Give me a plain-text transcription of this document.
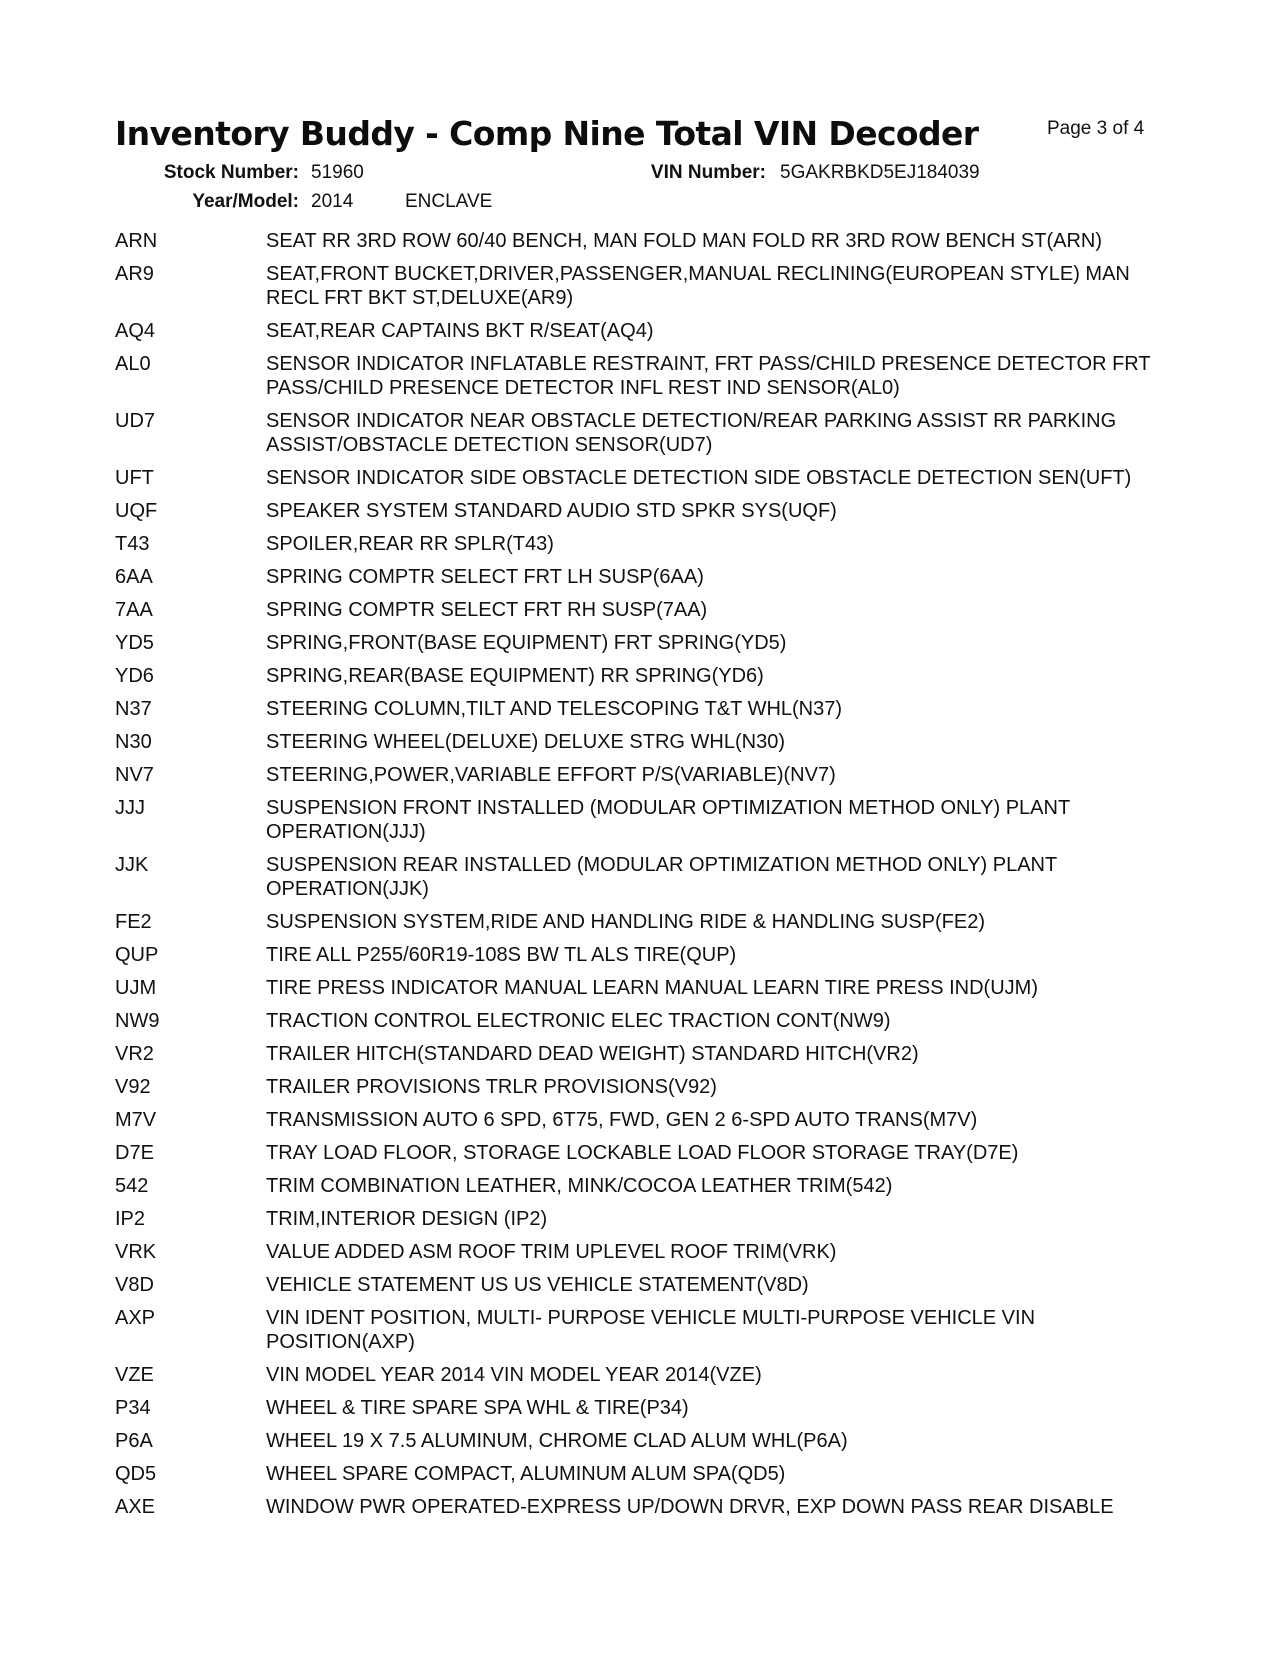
Inventory Buddy - Comp Nine Total VIN Decoder	Page 3 of 4
Stock Number: 51960	VIN Number: 5GAKRBKD5EJ184039
Year/Model: 2014	ENCLAVE
ARN	SEAT RR 3RD ROW 60/40 BENCH, MAN FOLD MAN FOLD RR 3RD ROW BENCH ST(ARN)
AR9	SEAT,FRONT BUCKET,DRIVER,PASSENGER,MANUAL RECLINING(EUROPEAN STYLE) MAN RECL FRT BKT ST,DELUXE(AR9)
AQ4	SEAT,REAR CAPTAINS BKT R/SEAT(AQ4)
AL0	SENSOR INDICATOR INFLATABLE RESTRAINT, FRT PASS/CHILD PRESENCE DETECTOR FRT PASS/CHILD PRESENCE DETECTOR INFL REST IND SENSOR(AL0)
UD7	SENSOR INDICATOR NEAR OBSTACLE DETECTION/REAR PARKING ASSIST RR PARKING ASSIST/OBSTACLE DETECTION SENSOR(UD7)
UFT	SENSOR INDICATOR SIDE OBSTACLE DETECTION SIDE OBSTACLE DETECTION SEN(UFT)
UQF	SPEAKER SYSTEM STANDARD AUDIO STD SPKR SYS(UQF)
T43	SPOILER,REAR RR SPLR(T43)
6AA	SPRING COMPTR SELECT FRT LH SUSP(6AA)
7AA	SPRING COMPTR SELECT FRT RH SUSP(7AA)
YD5	SPRING,FRONT(BASE EQUIPMENT) FRT SPRING(YD5)
YD6	SPRING,REAR(BASE EQUIPMENT) RR SPRING(YD6)
N37	STEERING COLUMN,TILT AND TELESCOPING T&T WHL(N37)
N30	STEERING WHEEL(DELUXE) DELUXE STRG WHL(N30)
NV7	STEERING,POWER,VARIABLE EFFORT P/S(VARIABLE)(NV7)
JJJ	SUSPENSION FRONT INSTALLED (MODULAR OPTIMIZATION METHOD ONLY) PLANT OPERATION(JJJ)
JJK	SUSPENSION REAR INSTALLED (MODULAR OPTIMIZATION METHOD ONLY) PLANT OPERATION(JJK)
FE2	SUSPENSION SYSTEM,RIDE AND HANDLING RIDE & HANDLING SUSP(FE2)
QUP	TIRE ALL P255/60R19-108S BW TL ALS TIRE(QUP)
UJM	TIRE PRESS INDICATOR MANUAL LEARN MANUAL LEARN TIRE PRESS IND(UJM)
NW9	TRACTION CONTROL ELECTRONIC ELEC TRACTION CONT(NW9)
VR2	TRAILER HITCH(STANDARD DEAD WEIGHT) STANDARD HITCH(VR2)
V92	TRAILER PROVISIONS TRLR PROVISIONS(V92)
M7V	TRANSMISSION AUTO 6 SPD, 6T75, FWD, GEN 2 6-SPD AUTO TRANS(M7V)
D7E	TRAY LOAD FLOOR, STORAGE LOCKABLE LOAD FLOOR STORAGE TRAY(D7E)
542	TRIM COMBINATION LEATHER, MINK/COCOA LEATHER TRIM(542)
IP2	TRIM,INTERIOR DESIGN (IP2)
VRK	VALUE ADDED ASM ROOF TRIM UPLEVEL ROOF TRIM(VRK)
V8D	VEHICLE STATEMENT US US VEHICLE STATEMENT(V8D)
AXP	VIN IDENT POSITION, MULTI- PURPOSE VEHICLE MULTI-PURPOSE VEHICLE VIN POSITION(AXP)
VZE	VIN MODEL YEAR 2014 VIN MODEL YEAR 2014(VZE)
P34	WHEEL & TIRE SPARE SPA WHL & TIRE(P34)
P6A	WHEEL 19 X 7.5 ALUMINUM, CHROME CLAD ALUM WHL(P6A)
QD5	WHEEL SPARE COMPACT, ALUMINUM ALUM SPA(QD5)
AXE	WINDOW PWR OPERATED-EXPRESS UP/DOWN DRVR, EXP DOWN PASS REAR DISABLE
